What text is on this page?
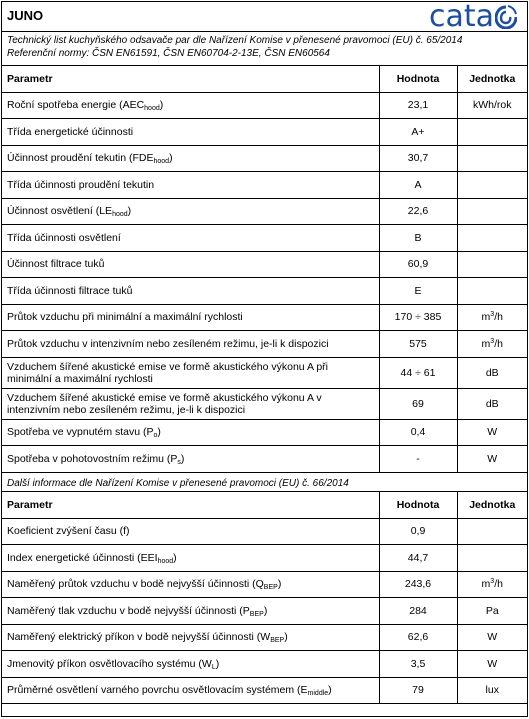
JUNO	cata
Technický list kuchyňského odsavače par dle Nařízení Komise v přenesené pravomoci (EU) č. 65/2014
Referenční normy: ČSN EN61591, ČSN EN60704-2-13E, ČSN EN60564
Parametr	Hodnota	Jednotka
Roční spotřeba energie $(AEC_{hood})$	23,1	kWh/rok
Třída energetické účinnosti	A+	
Účinnost proudění tekutin $(FDE_{hood})$	30,7	
Třída účinnosti proudění tekutin	A	
Účinnost osvětlení $(LE_{hood})$	22,6	
Třída účinnosti osvětlení	B	
Účinnost filtrace tuků	60,9	
Třída účinnosti filtrace tuků	E	
Průtok vzduchu při minimální a maximální rychlosti	170 ÷ 385	$m^3/h$
Průtok vzduchu v intenzivním nebo zesíleném režimu, je-li k dispozici	575	$m^3/h$
Vzduchem šířené akustické emise ve formě akustického výkonu A při minimální a maximální rychlosti	44 ÷ 61	dB
Vzduchem šířené akustické emise ve formě akustického výkonu A v intenzivním nebo zesíleném režimu, je-li k dispozici	69	dB
Spotřeba ve vypnutém stavu $(P_o)$	0,4	W
Spotřeba v pohotovostním režimu $(P_s)$	-	W
Další informace dle Nařízení Komise v přenesené pravomoci (EU) č. 66/2014
Parametr	Hodnota	Jednotka
Koeficient zvýšení času (f)	0,9	
Index energetické účinnosti $(EEI_{hood})$	44,7	
Naměřený průtok vzduchu v bodě nejvyšší účinnosti $(Q_{BEP})$	243,6	$m^3/h$
Naměřený tlak vzduchu v bodě nejvyšší účinnosti $(P_{BEP})$	284	Pa
Naměřený elektrický příkon v bodě nejvyšší účinnosti $(W_{BEP})$	62,6	W
Jmenovitý příkon osvětlovacího systému $(W_L)$	3,5	W
Průměrné osvětlení varného povrchu osvětlovacím systémem $(E_{middle})$	79	lux
